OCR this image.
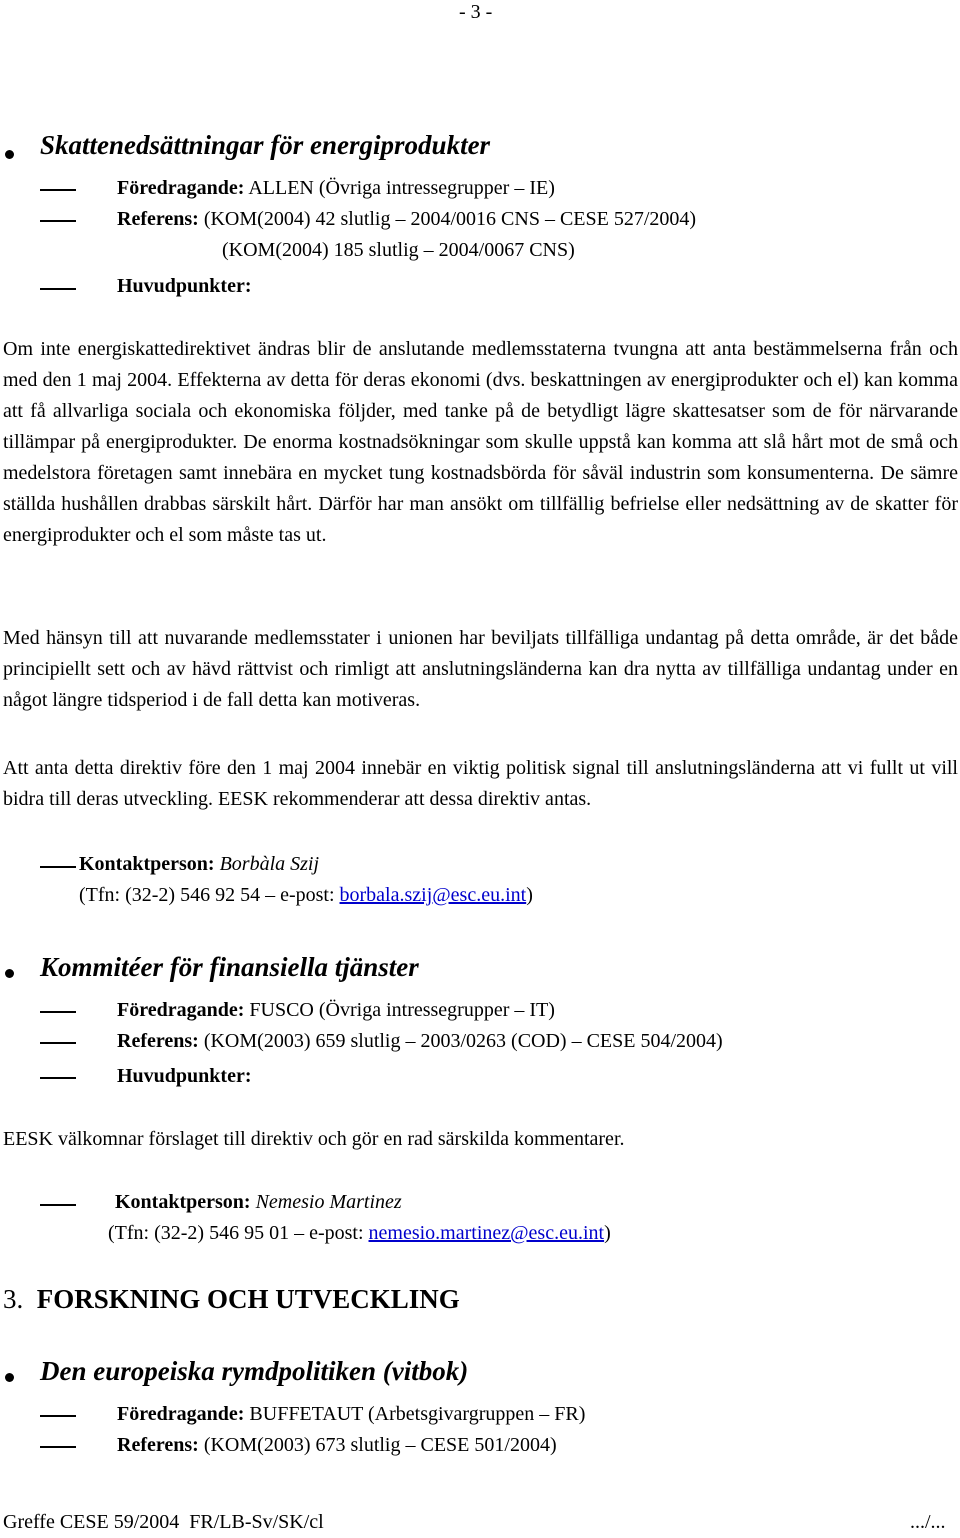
- 3 -
Skattenedsättningar för energiprodukter
Föredragande: ALLEN (Övriga intressegrupper – IE)
Referens: (KOM(2004) 42 slutlig – 2004/0016 CNS – CESE 527/2004)
(KOM(2004) 185 slutlig – 2004/0067 CNS)
Huvudpunkter:
Om inte energiskattedirektivet ändras blir de anslutande medlemsstaterna tvungna att anta bestämmelserna från och med den 1 maj 2004. Effekterna av detta för deras ekonomi (dvs. beskattningen av energiprodukter och el) kan komma att få allvarliga sociala och ekonomiska följder, med tanke på de betydligt lägre skattesatser som de för närvarande tillämpar på energiprodukter. De enorma kostnadsökningar som skulle uppstå kan komma att slå hårt mot de små och medelstora företagen samt innebära en mycket tung kostnadsbörda för såväl industrin som konsumenterna. De sämre ställda hushållen drabbas särskilt hårt. Därför har man ansökt om tillfällig befrielse eller nedsättning av de skatter för energiprodukter och el som måste tas ut.
Med hänsyn till att nuvarande medlemsstater i unionen har beviljats tillfälliga undantag på detta område, är det både principiellt sett och av hävd rättvist och rimligt att anslutningsländerna kan dra nytta av tillfälliga undantag under en något längre tidsperiod i de fall detta kan motiveras.
Att anta detta direktiv före den 1 maj 2004 innebär en viktig politisk signal till anslutningsländerna att vi fullt ut vill bidra till deras utveckling. EESK rekommenderar att dessa direktiv antas.
Kontaktperson: Borbàla Szij
(Tfn: (32-2) 546 92 54 – e-post: borbala.szij@esc.eu.int)
Kommitéer för finansiella tjänster
Föredragande: FUSCO (Övriga intressegrupper – IT)
Referens: (KOM(2003) 659 slutlig – 2003/0263 (COD) – CESE 504/2004)
Huvudpunkter:
EESK välkomnar förslaget till direktiv och gör en rad särskilda kommentarer.
Kontaktperson: Nemesio Martinez
(Tfn: (32-2) 546 95 01 – e-post: nemesio.martinez@esc.eu.int)
3. FORSKNING OCH UTVECKLING
Den europeiska rymdpolitiken (vitbok)
Föredragande: BUFFETAUT (Arbetsgivargruppen – FR)
Referens: (KOM(2003) 673 slutlig – CESE 501/2004)
Greffe CESE 59/2004  FR/LB-Sv/SK/cl	.../...
